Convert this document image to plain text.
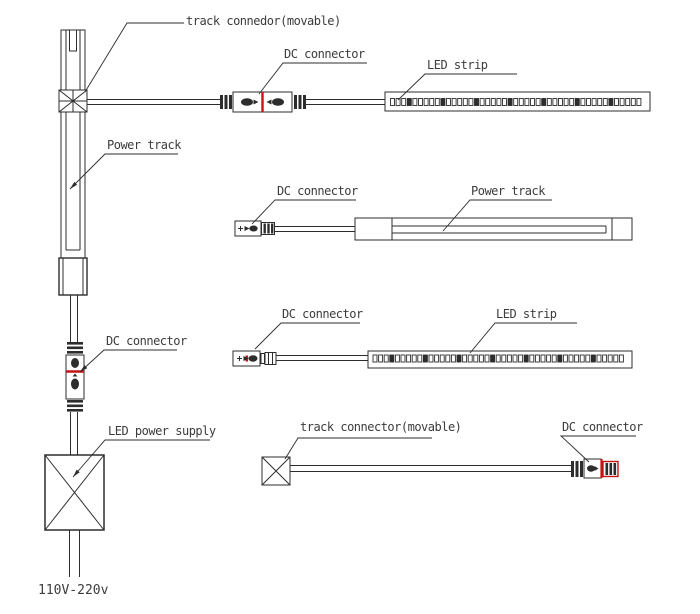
track connedor(movable)
DC connector
LED strip
Power track
DC connector	Power track
DC connector	LED strip
track connector(movable)	DC connector
DC connector
LED power supply
110V-220v
